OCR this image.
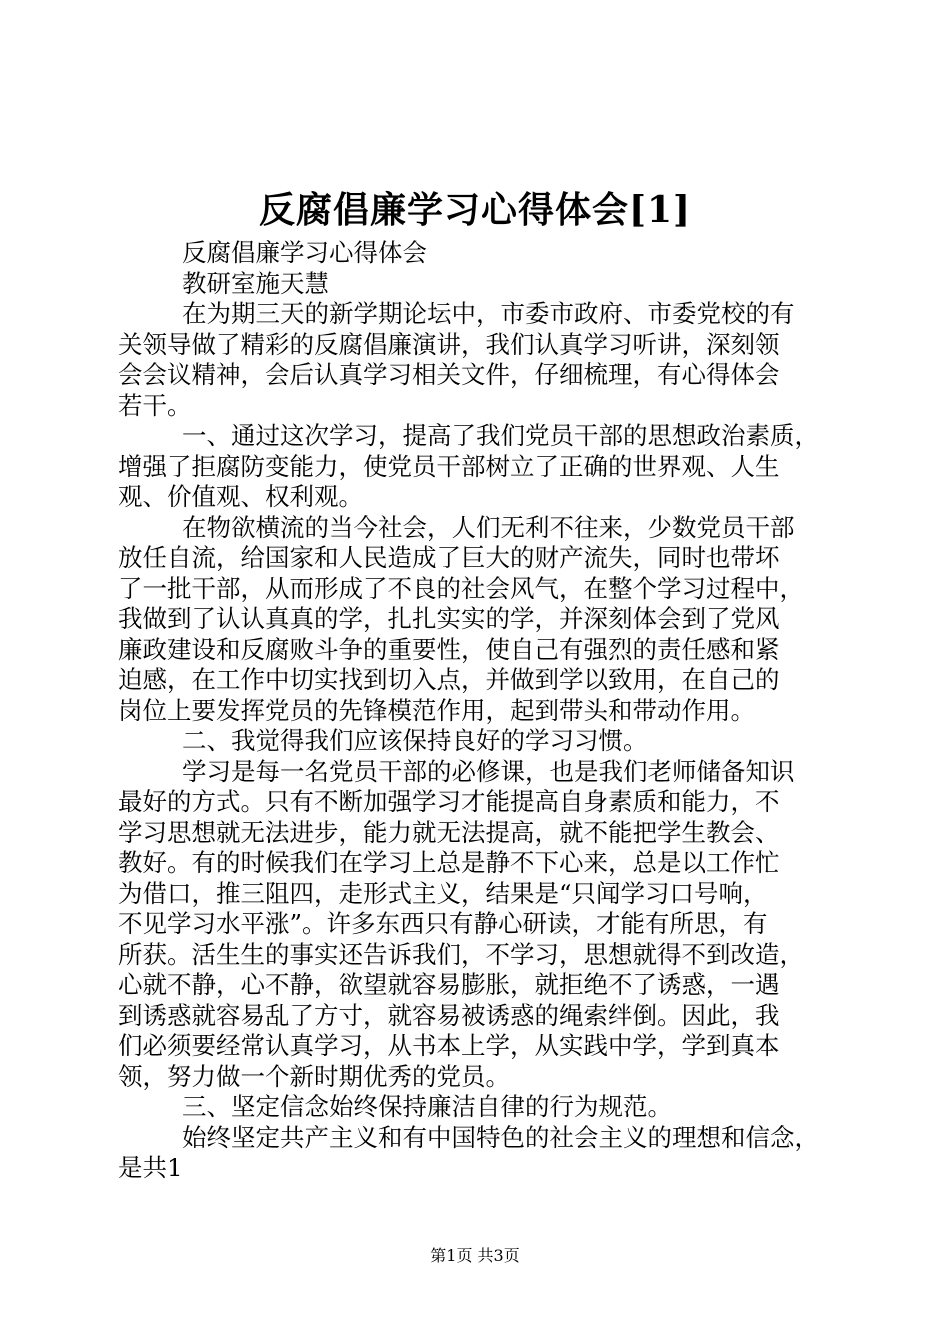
反腐倡廉学习心得体会[1]
反腐倡廉学习心得体会
教研室施天慧
在为期三天的新学期论坛中，市委市政府、市委党校的有
关领导做了精彩的反腐倡廉演讲，我们认真学习听讲，深刻领
会会议精神，会后认真学习相关文件，仔细梳理，有心得体会
若干。
一、通过这次学习，提高了我们党员干部的思想政治素质，
增强了拒腐防变能力，使党员干部树立了正确的世界观、人生
观、价值观、权利观。
在物欲横流的当今社会，人们无利不往来，少数党员干部
放任自流，给国家和人民造成了巨大的财产流失，同时也带坏
了一批干部，从而形成了不良的社会风气，在整个学习过程中，
我做到了认认真真的学，扎扎实实的学，并深刻体会到了党风
廉政建设和反腐败斗争的重要性，使自己有强烈的责任感和紧
迫感，在工作中切实找到切入点，并做到学以致用，在自己的
岗位上要发挥党员的先锋模范作用，起到带头和带动作用。
二、我觉得我们应该保持良好的学习习惯。
学习是每一名党员干部的必修课，也是我们老师储备知识
最好的方式。只有不断加强学习才能提高自身素质和能力，不
学习思想就无法进步，能力就无法提高，就不能把学生教会、
教好。有的时候我们在学习上总是静不下心来，总是以工作忙
为借口，推三阻四，走形式主义，结果是“只闻学习口号响，
不见学习水平涨”。许多东西只有静心研读，才能有所思，有
所获。活生生的事实还告诉我们，不学习，思想就得不到改造，
心就不静，心不静，欲望就容易膨胀，就拒绝不了诱惑，一遇
到诱惑就容易乱了方寸，就容易被诱惑的绳索绊倒。因此，我
们必须要经常认真学习，从书本上学，从实践中学，学到真本
领，努力做一个新时期优秀的党员。
三、坚定信念始终保持廉洁自律的行为规范。
始终坚定共产主义和有中国特色的社会主义的理想和信念，
是共1
第1页 共3页
